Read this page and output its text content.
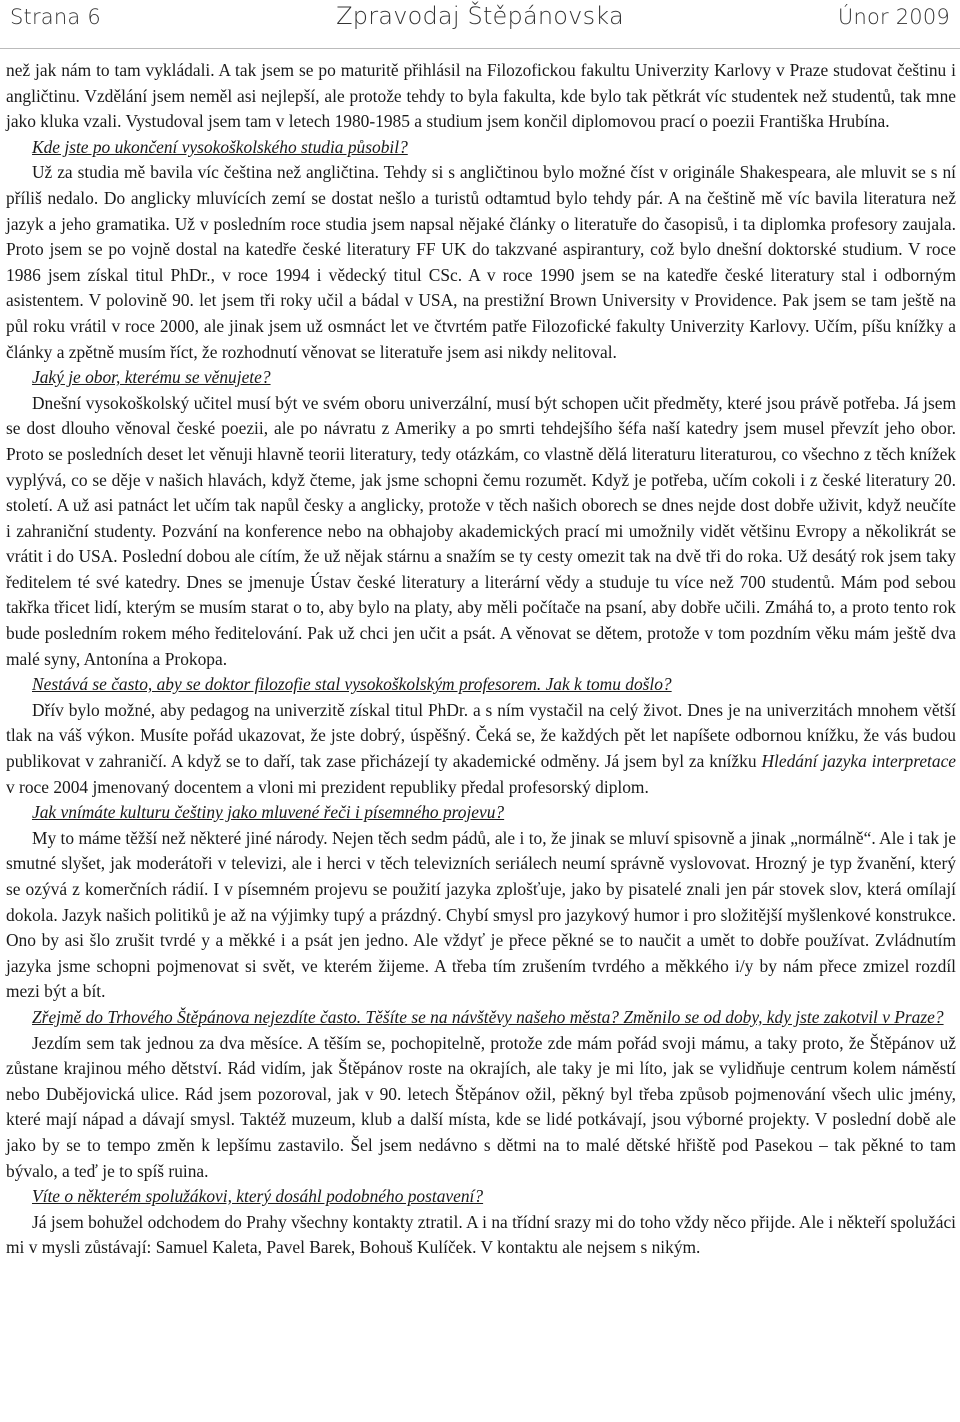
Zpravodaj Štěpánovska
Strana 6	Únor 2009

než jak nám to tam vykládali. A tak jsem se po maturitě přihlásil na Filozofickou fakultu Univerzity Karlovy v Praze studovat češtinu i angličtinu. Vzdělání jsem neměl asi nejlepší, ale protože tehdy to byla fakulta, kde bylo tak pětkrát víc studentek než studentů, tak mne jako kluka vzali. Vystudoval jsem tam v letech 1980-1985 a studium jsem končil diplomovou prací o poezii Františka Hrubína.

Kde jste po ukončení vysokoškolského studia působil?

Už za studia mě bavila víc čeština než angličtina. Tehdy si s angličtinou bylo možné číst v originále Shakespeara, ale mluvit se s ní příliš nedalo. Do anglicky mluvících zemí se dostat nešlo a turistů odtamtud bylo tehdy pár. A na češtině mě víc bavila literatura než jazyk a jeho gramatika. Už v posledním roce studia jsem napsal nějaké články o literatuře do časopisů, i ta diplomka profesory zaujala. Proto jsem se po vojně dostal na katedře české literatury FF UK do takzvané aspirantury, což bylo dnešní doktorské studium. V roce 1986 jsem získal titul PhDr., v roce 1994 i vědecký titul CSc. A v roce 1990 jsem se na katedře české literatury stal i odborným asistentem. V polovině 90. let jsem tři roky učil a bádal v USA, na prestižní Brown University v Providence. Pak jsem se tam ještě na půl roku vrátil v roce 2000, ale jinak jsem už osmnáct let ve čtvrtém patře Filozofické fakulty Univerzity Karlovy. Učím, píšu knížky a články a zpětně musím říct, že rozhodnutí věnovat se literatuře jsem asi nikdy nelitoval.

Jaký je obor, kterému se věnujete?

Dnešní vysokoškolský učitel musí být ve svém oboru univerzální, musí být schopen učit předměty, které jsou právě potřeba. Já jsem se dost dlouho věnoval české poezii, ale po návratu z Ameriky a po smrti tehdejšího šéfa naší katedry jsem musel převzít jeho obor. Proto se posledních deset let věnuji hlavně teorii literatury, tedy otázkám, co vlastně dělá literaturu literaturou, co všechno z těch knížek vyplývá, co se děje v našich hlavách, když čteme, jak jsme schopni čemu rozumět. Když je potřeba, učím cokoli i z české literatury 20. století. A už asi patnáct let učím tak napůl česky a anglicky, protože v těch našich oborech se dnes nejde dost dobře uživit, když neučíte i zahraniční studenty. Pozvání na konference nebo na obhajoby akademických prací mi umožnily vidět většinu Evropy a několikrát se vrátit i do USA. Poslední dobou ale cítím, že už nějak stárnu a snažím se ty cesty omezit tak na dvě tři do roka. Už desátý rok jsem taky ředitelem té své katedry. Dnes se jmenuje Ústav české literatury a literární vědy a studuje tu více než 700 studentů. Mám pod sebou takřka třicet lidí, kterým se musím starat o to, aby bylo na platy, aby měli počítače na psaní, aby dobře učili. Zmáhá to, a proto tento rok bude posledním rokem mého ředitelování. Pak už chci jen učit a psát. A věnovat se dětem, protože v tom pozdním věku mám ještě dva malé syny, Antonína a Prokopa.

Nestává se často, aby se doktor filozofie stal vysokoškolským profesorem. Jak k tomu došlo?

Dřív bylo možné, aby pedagog na univerzitě získal titul PhDr. a s ním vystačil na celý život. Dnes je na univerzitách mnohem větší tlak na váš výkon. Musíte pořád ukazovat, že jste dobrý, úspěšný. Čeká se, že každých pět let napíšete odbornou knížku, že vás budou publikovat v zahraničí. A když se to daří, tak zase přicházejí ty akademické odměny. Já jsem byl za knížku Hledání jazyka interpretace v roce 2004 jmenovaný docentem a vloni mi prezident republiky předal profesorský diplom.

Jak vnímáte kulturu češtiny jako mluvené řeči i písemného projevu?

My to máme těžší než některé jiné národy. Nejen těch sedm pádů, ale i to, že jinak se mluví spisovně a jinak „normálně“. Ale i tak je smutné slyšet, jak moderátoři v televizi, ale i herci v těch televizních seriálech neumí správně vyslovovat. Hrozný je typ žvanění, který se ozývá z komerčních rádií. I v písemném projevu se použití jazyka zplošťuje, jako by pisatelé znali jen pár stovek slov, která omílají dokola. Jazyk našich politiků je až na výjimky tupý a prázdný. Chybí smysl pro jazykový humor i pro složitější myšlenkové konstrukce. Ono by asi šlo zrušit tvrdé y a měkké i a psát jen jedno. Ale vždyť je přece pěkné se to naučit a umět to dobře používat. Zvládnutím jazyka jsme schopni pojmenovat si svět, ve kterém žijeme. A třeba tím zrušením tvrdého a měkkého i/y by nám přece zmizel rozdíl mezi být a bít.

Zřejmě do Trhového Štěpánova nejezdíte často. Těšíte se na návštěvy našeho města? Změnilo se od doby, kdy jste zakotvil v Praze?

Jezdím sem tak jednou za dva měsíce. A těším se, pochopitelně, protože zde mám pořád svoji mámu, a taky proto, že Štěpánov už zůstane krajinou mého dětství. Rád vidím, jak Štěpánov roste na okrajích, ale taky je mi líto, jak se vylidňuje centrum kolem náměstí nebo Dubějovická ulice. Rád jsem pozoroval, jak v 90. letech Štěpánov ožil, pěkný byl třeba způsob pojmenování všech ulic jmény, které mají nápad a dávají smysl. Taktéž muzeum, klub a další místa, kde se lidé potkávají, jsou výborné projekty. V poslední době ale jako by se to tempo změn k lepšímu zastavilo. Šel jsem nedávno s dětmi na to malé dětské hřiště pod Pasekou – tak pěkné to tam bývalo, a teď je to spíš ruina.

Víte o některém spolužákovi, který dosáhl podobného postavení?

Já jsem bohužel odchodem do Prahy všechny kontakty ztratil. A i na třídní srazy mi do toho vždy něco přijde. Ale i někteří spolužáci mi v mysli zůstávají: Samuel Kaleta, Pavel Barek, Bohouš Kulíček. V kontaktu ale nejsem s nikým.
